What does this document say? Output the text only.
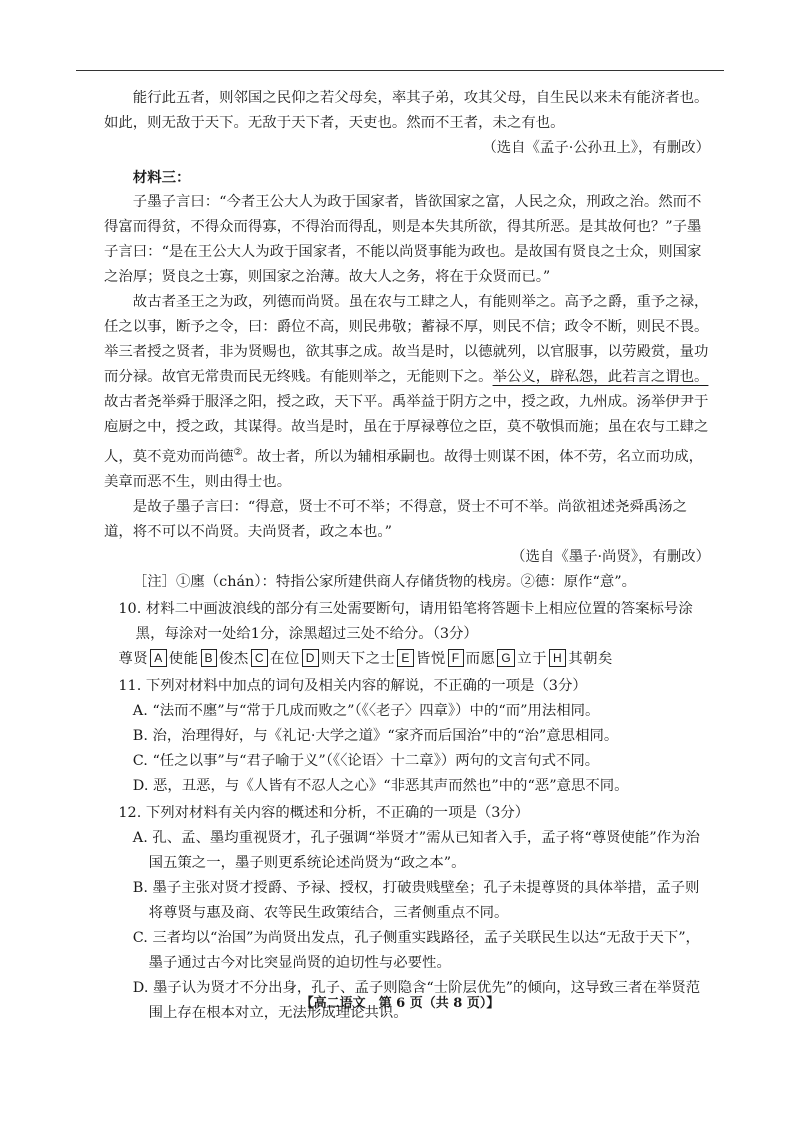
能行此五者，则邻国之民仰之若父母矣，率其子弟，攻其父母，自生民以来未有能济者也。如此，则无敌于天下。无敌于天下者，天吏也。然而不王者，未之有也。

（选自《孟子·公孙丑上》，有删改）

材料三：

子墨子言曰：“今者王公大人为政于国家者，皆欲国家之富，人民之众，刑政之治。然而不得富而得贫，不得众而得寡，不得治而得乱，则是本失其所欲，得其所恶。是其故何也？”子墨子言曰：“是在王公大人为政于国家者，不能以尚贤事能为政也。是故国有贤良之士众，则国家之治厚；贤良之士寡，则国家之治薄。故大人之务，将在于众贤而已。”

故古者圣王之为政，列德而尚贤。虽在农与工肆之人，有能则举之。高予之爵，重予之禄，任之以事，断予之令，曰：爵位不高，则民弗敬；蓄禄不厚，则民不信；政令不断，则民不畏。举三者授之贤者，非为贤赐也，欲其事之成。故当是时，以德就列，以官服事，以劳殿赏，量功而分禄。故官无常贵而民无终贱。有能则举之，无能则下之。举公义，辟私怨，此若言之谓也。故古者尧举舜于服泽之阳，授之政，天下平。禹举益于阴方之中，授之政，九州成。汤举伊尹于庖厨之中，授之政，其谋得。故当是时，虽在于厚禄尊位之臣，莫不敬惧而施；虽在农与工肆之人，莫不竞劝而尚德②。故士者，所以为辅相承嗣也。故得士则谋不困，体不劳，名立而功成，美章而恶不生，则由得士也。

是故子墨子言曰：“得意，贤士不可不举；不得意，贤士不可不举。尚欲祖述尧舜禹汤之道，将不可以不尚贤。夫尚贤者，政之本也。”

（选自《墨子·尚贤》，有删改）

［注］①廛（chán）：特指公家所建供商人存储货物的栈房。②德：原作“意”。

10. 材料二中画波浪线的部分有三处需要断句，请用铅笔将答题卡上相应位置的答案标号涂黑，每涂对一处给1分，涂黑超过三处不给分。（3分）

尊贤 A 使能 B 俊杰 C 在位 D 则天下之士 E 皆悦 F 而愿 G 立于 H 其朝矣

11. 下列对材料中加点的词句及相关内容的解说，不正确的一项是（3分）

A. “法而不廛”与“常于几成而败之”（《〈老子〉四章》）中的“而”用法相同。

B. 治，治理得好，与《礼记·大学之道》“家齐而后国治”中的“治”意思相同。

C. “任之以事”与“君子喻于义”（《〈论语〉十二章》）两句的文言句式不同。

D. 恶，丑恶，与《人皆有不忍人之心》“非恶其声而然也”中的“恶”意思不同。

12. 下列对材料有关内容的概述和分析，不正确的一项是（3分）

A. 孔、孟、墨均重视贤才，孔子强调“举贤才”需从已知者入手，孟子将“尊贤使能”作为治国五策之一，墨子则更系统论述尚贤为“政之本”。

B. 墨子主张对贤才授爵、予禄、授权，打破贵贱壁垒；孔子未提尊贤的具体举措，孟子则将尊贤与惠及商、农等民生政策结合，三者侧重点不同。

C. 三者均以“治国”为尚贤出发点，孔子侧重实践路径，孟子关联民生以达“无敌于天下”，墨子通过古今对比突显尚贤的迫切性与必要性。

D. 墨子认为贤才不分出身，孔子、孟子则隐含“士阶层优先”的倾向，这导致三者在举贤范围上存在根本对立，无法形成理论共识。

【高二语文　第 6 页（共 8 页）】
